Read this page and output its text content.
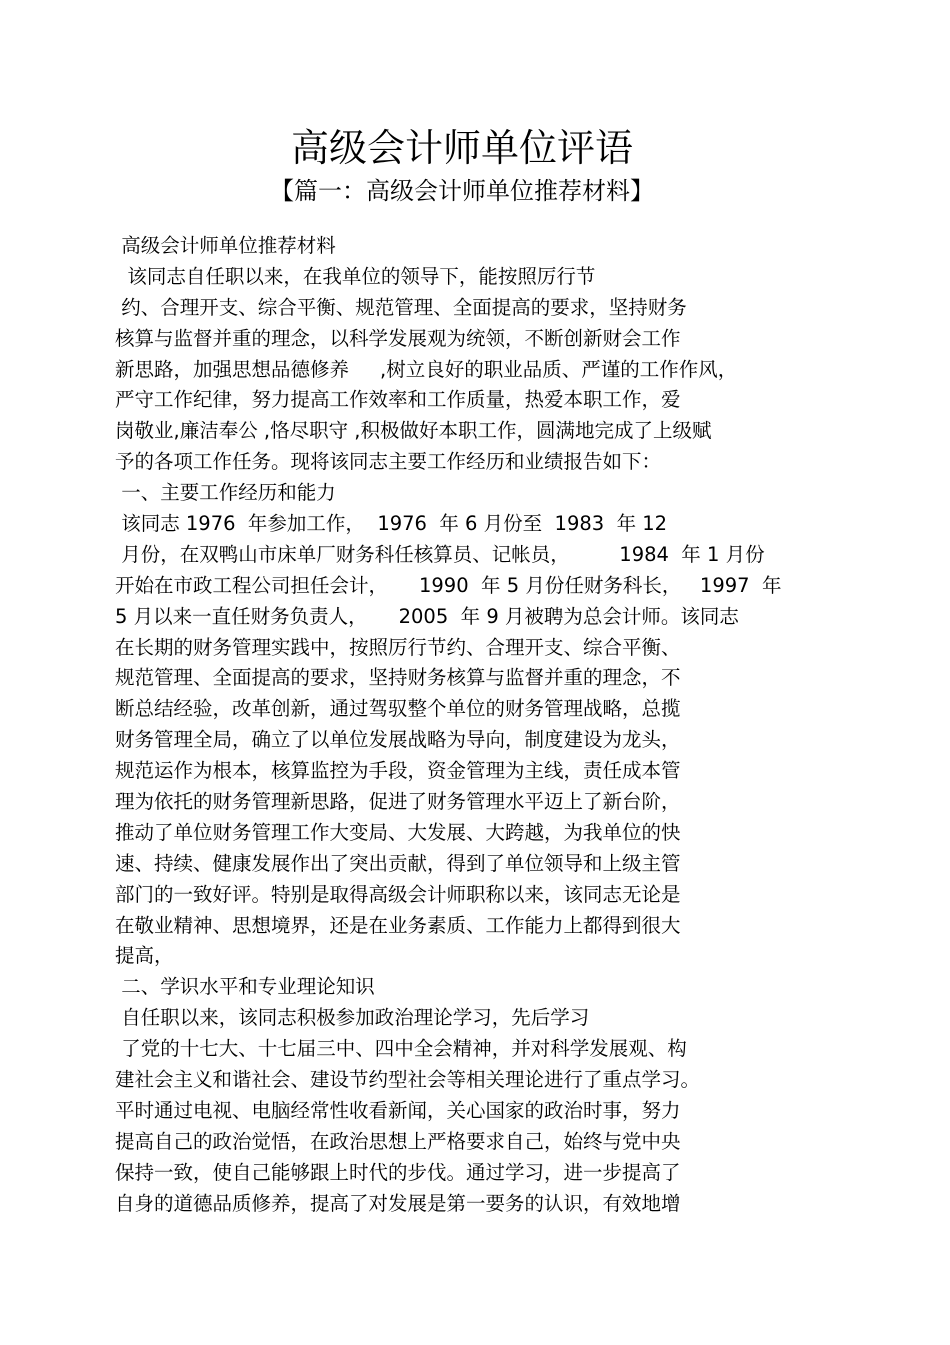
高级会计师单位评语
【篇一：高级会计师单位推荐材料】
高级会计师单位推荐材料
该同志自任职以来，在我单位的领导下，能按照厉行节
约、合理开支、综合平衡、规范管理、全面提高的要求，坚持财务
核算与监督并重的理念，以科学发展观为统领，不断创新财会工作
新思路，加强思想品德修养     ,树立良好的职业品质、严谨的工作作风，
严守工作纪律，努力提高工作效率和工作质量，热爱本职工作，爱
岗敬业,廉洁奉公 ,恪尽职守 ,积极做好本职工作，圆满地完成了上级赋
予的各项工作任务。现将该同志主要工作经历和业绩报告如下：
一、主要工作经历和能力
该同志 1976  年参加工作，  1976  年 6 月份至  1983  年 12
月份，在双鸭山市床单厂财务科任核算员、记帐员，        1984  年 1 月份
开始在市政工程公司担任会计，     1990  年 5 月份任财务科长，   1997  年
5 月以来一直任财务负责人，     2005  年 9 月被聘为总会计师。该同志
在长期的财务管理实践中，按照厉行节约、合理开支、综合平衡、
规范管理、全面提高的要求，坚持财务核算与监督并重的理念，不
断总结经验，改革创新，通过驾驭整个单位的财务管理战略，总揽
财务管理全局，确立了以单位发展战略为导向，制度建设为龙头，
规范运作为根本，核算监控为手段，资金管理为主线，责任成本管
理为依托的财务管理新思路，促进了财务管理水平迈上了新台阶，
推动了单位财务管理工作大变局、大发展、大跨越，为我单位的快
速、持续、健康发展作出了突出贡献，得到了单位领导和上级主管
部门的一致好评。特别是取得高级会计师职称以来，该同志无论是
在敬业精神、思想境界，还是在业务素质、工作能力上都得到很大
提高，
二、学识水平和专业理论知识
自任职以来，该同志积极参加政治理论学习，先后学习
了党的十七大、十七届三中、四中全会精神，并对科学发展观、构
建社会主义和谐社会、建设节约型社会等相关理论进行了重点学习。
平时通过电视、电脑经常性收看新闻，关心国家的政治时事，努力
提高自己的政治觉悟，在政治思想上严格要求自己，始终与党中央
保持一致，使自己能够跟上时代的步伐。通过学习，进一步提高了
自身的道德品质修养，提高了对发展是第一要务的认识，有效地增
